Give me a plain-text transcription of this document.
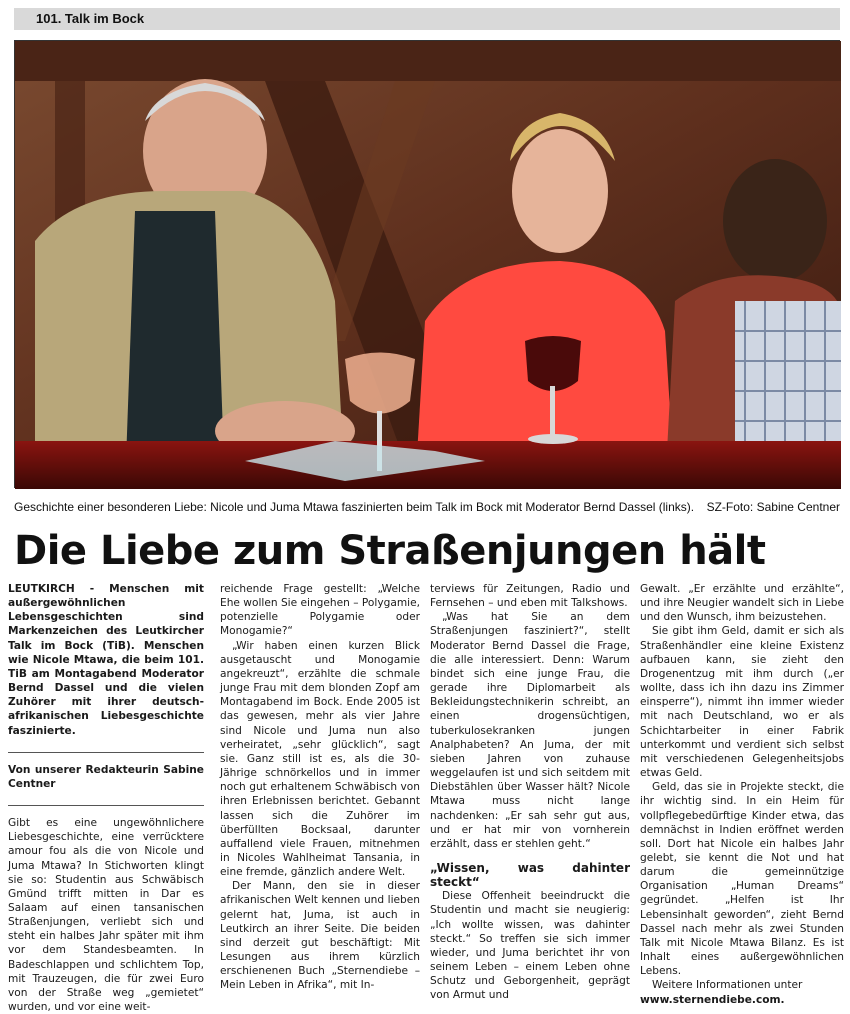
101. Talk im Bock
Geschichte einer besonderen Liebe: Nicole und Juma Mtawa faszinierten beim Talk im Bock mit Moderator Bernd Dassel (links). SZ-Foto: Sabine Centner
Die Liebe zum Straßenjungen hält

LEUTKIRCH - Menschen mit außergewöhnlichen Lebensgeschichten sind Markenzeichen des Leutkircher Talk im Bock (TiB). Menschen wie Nicole Mtawa, die beim 101. TiB am Montagabend Moderator Bernd Dassel und die vielen Zuhörer mit ihrer deutsch-afrikanischen Liebesgeschichte faszinierte.

Von unserer Redakteurin Sabine Centner

Gibt es eine ungewöhnlichere Liebesgeschichte, eine verrücktere amour fou als die von Nicole und Juma Mtawa? In Stichworten klingt sie so: Studentin aus Schwäbisch Gmünd trifft mitten in Dar es Salaam auf einen tansanischen Straßenjungen, verliebt sich und steht ein halbes Jahr später mit ihm vor dem Standesbeamten. In Badeschlappen und schlichtem Top, mit Trauzeugen, die für zwei Euro von der Straße weg „gemietet“ wurden, und vor eine weit-

reichende Frage gestellt: „Welche Ehe wollen Sie eingehen – Polygamie, potenzielle Polygamie oder Monogamie?“

„Wir haben einen kurzen Blick ausgetauscht und Monogamie angekreuzt“, erzählte die schmale junge Frau mit dem blonden Zopf am Montagabend im Bock. Ende 2005 ist das gewesen, mehr als vier Jahre sind Nicole und Juma nun also verheiratet, „sehr glücklich“, sagt sie. Ganz still ist es, als die 30-Jährige schnörkellos und in immer noch gut erhaltenem Schwäbisch von ihren Erlebnissen berichtet. Gebannt lassen sich die Zuhörer im überfüllten Bocksaal, darunter auffallend viele Frauen, mitnehmen in Nicoles Wahlheimat Tansania, in eine fremde, gänzlich andere Welt.

Der Mann, den sie in dieser afrikanischen Welt kennen und lieben gelernt hat, Juma, ist auch in Leutkirch an ihrer Seite. Die beiden sind derzeit gut beschäftigt: Mit Lesungen aus ihrem kürzlich erschienenen Buch „Sternendiebe – Mein Leben in Afrika“, mit In-

terviews für Zeitungen, Radio und Fernsehen – und eben mit Talkshows.

„Was hat Sie an dem Straßenjungen fasziniert?“, stellt Moderator Bernd Dassel die Frage, die alle interessiert. Denn: Warum bindet sich eine junge Frau, die gerade ihre Diplomarbeit als Bekleidungstechnikerin schreibt, an einen drogensüchtigen, tuberkulosekranken jungen Analphabeten? An Juma, der mit sieben Jahren von zuhause weggelaufen ist und sich seitdem mit Diebstählen über Wasser hält? Nicole Mtawa muss nicht lange nachdenken: „Er sah sehr gut aus, und er hat mir von vornherein erzählt, dass er stehlen geht.“

„Wissen, was dahinter steckt“

Diese Offenheit beeindruckt die Studentin und macht sie neugierig: „Ich wollte wissen, was dahinter steckt.“ So treffen sie sich immer wieder, und Juma berichtet ihr von seinem Leben – einem Leben ohne Schutz und Geborgenheit, geprägt von Armut und

Gewalt. „Er erzählte und erzählte“, und ihre Neugier wandelt sich in Liebe und den Wunsch, ihm beizustehen.

Sie gibt ihm Geld, damit er sich als Straßenhändler eine kleine Existenz aufbauen kann, sie zieht den Drogenentzug mit ihm durch („er wollte, dass ich ihn dazu ins Zimmer einsperre“), nimmt ihn immer wieder mit nach Deutschland, wo er als Schichtarbeiter in einer Fabrik unterkommt und verdient sich selbst mit verschiedenen Gelegenheitsjobs etwas Geld.

Geld, das sie in Projekte steckt, die ihr wichtig sind. In ein Heim für vollpflegebedürftige Kinder etwa, das demnächst in Indien eröffnet werden soll. Dort hat Nicole ein halbes Jahr gelebt, sie kennt die Not und hat darum die gemeinnützige Organisation „Human Dreams“ gegründet. „Helfen ist Ihr Lebensinhalt geworden“, zieht Bernd Dassel nach mehr als zwei Stunden Talk mit Nicole Mtawa Bilanz. Es ist Inhalt eines außergewöhnlichen Lebens.

Weitere Informationen unter
www.sternendiebe.com.
